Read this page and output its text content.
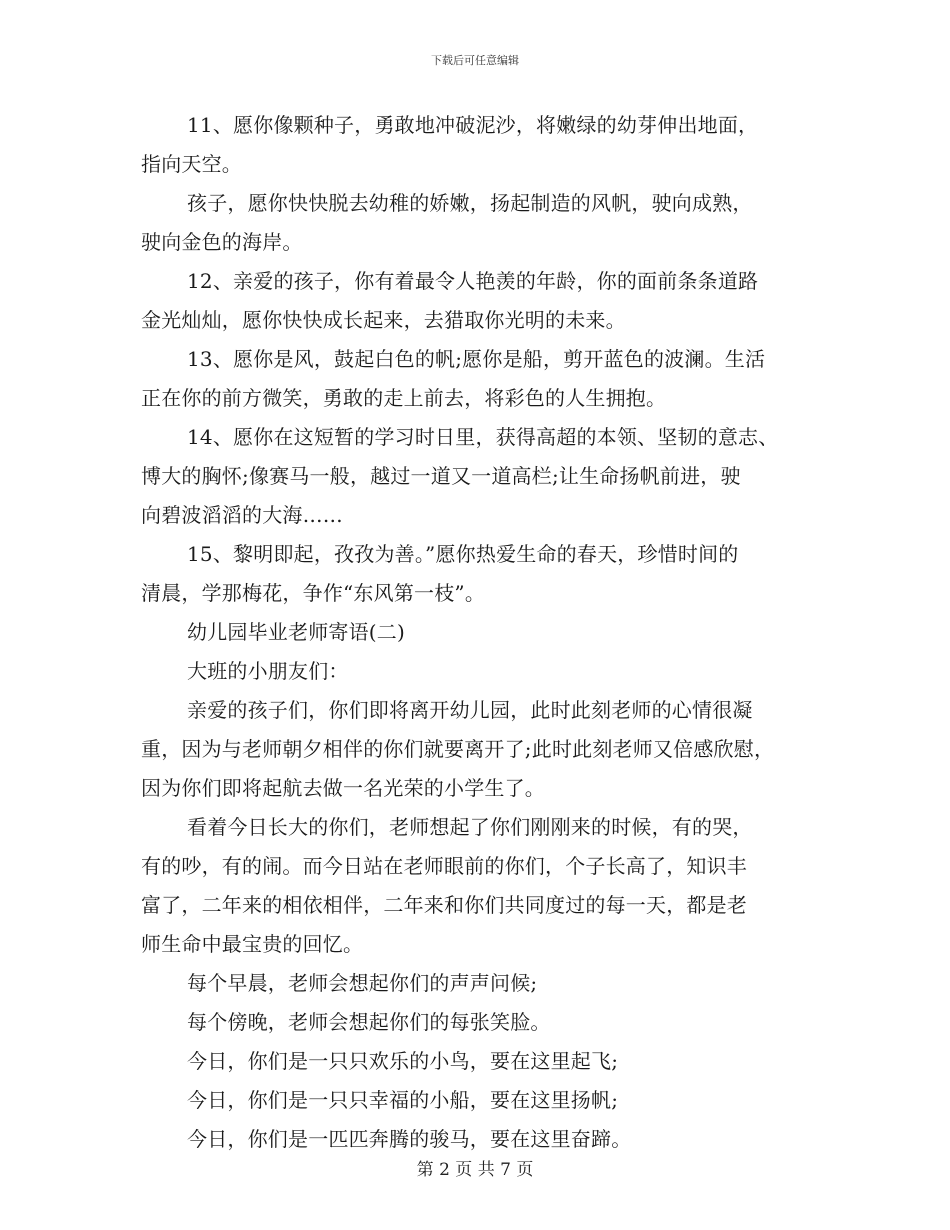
下载后可任意编辑

11、愿你像颗种子，勇敢地冲破泥沙，将嫩绿的幼芽伸出地面，
指向天空。

孩子，愿你快快脱去幼稚的娇嫩，扬起制造的风帆，驶向成熟，
驶向金色的海岸。

12、亲爱的孩子，你有着最令人艳羡的年龄，你的面前条条道路
金光灿灿，愿你快快成长起来，去猎取你光明的未来。

13、愿你是风，鼓起白色的帆;愿你是船，剪开蓝色的波澜。生活
正在你的前方微笑，勇敢的走上前去，将彩色的人生拥抱。

14、愿你在这短暂的学习时日里，获得高超的本领、坚韧的意志、
博大的胸怀;像赛马一般，越过一道又一道高栏;让生命扬帆前进，驶
向碧波滔滔的大海……

15、黎明即起，孜孜为善。”愿你热爱生命的春天，珍惜时间的
清晨，学那梅花，争作“东风第一枝”。

幼儿园毕业老师寄语(二)

大班的小朋友们：

亲爱的孩子们，你们即将离开幼儿园，此时此刻老师的心情很凝
重，因为与老师朝夕相伴的你们就要离开了;此时此刻老师又倍感欣慰，
因为你们即将起航去做一名光荣的小学生了。

看着今日长大的你们，老师想起了你们刚刚来的时候，有的哭，
有的吵，有的闹。而今日站在老师眼前的你们，个子长高了，知识丰
富了，二年来的相依相伴，二年来和你们共同度过的每一天，都是老
师生命中最宝贵的回忆。

每个早晨，老师会想起你们的声声问候;

每个傍晚，老师会想起你们的每张笑脸。

今日，你们是一只只欢乐的小鸟，要在这里起飞;

今日，你们是一只只幸福的小船，要在这里扬帆;

今日，你们是一匹匹奔腾的骏马，要在这里奋蹄。

第 2 页 共 7 页
